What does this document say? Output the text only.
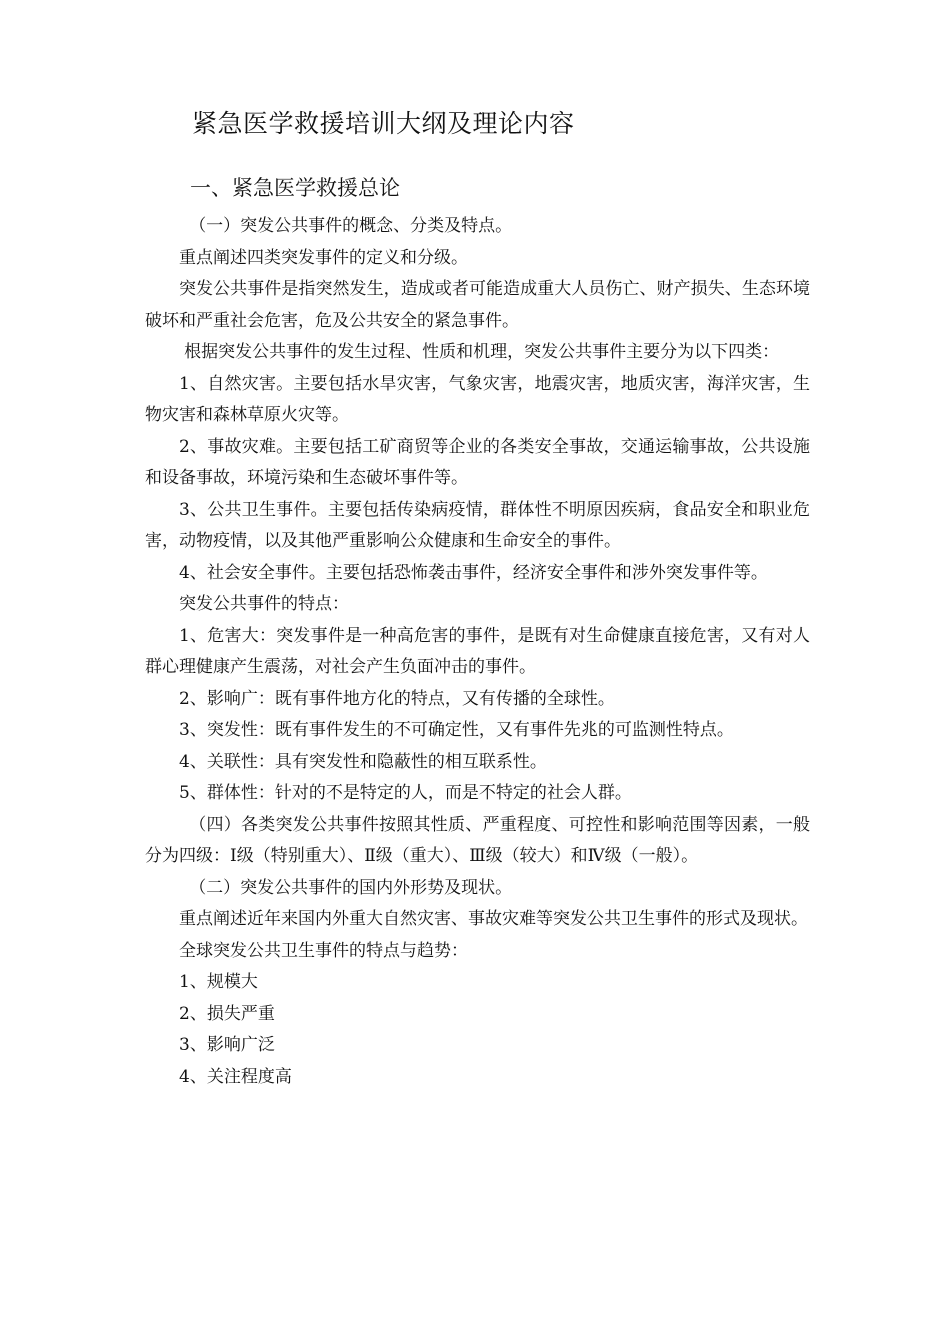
紧急医学救援培训大纲及理论内容
一、紧急医学救援总论

（一）突发公共事件的概念、分类及特点。

重点阐述四类突发事件的定义和分级。

突发公共事件是指突然发生，造成或者可能造成重大人员伤亡、财产损失、生态环境破坏和严重社会危害，危及公共安全的紧急事件。

根据突发公共事件的发生过程、性质和机理，突发公共事件主要分为以下四类：

1、自然灾害。主要包括水旱灾害，气象灾害，地震灾害，地质灾害，海洋灾害，生物灾害和森林草原火灾等。

2、事故灾难。主要包括工矿商贸等企业的各类安全事故，交通运输事故，公共设施和设备事故，环境污染和生态破坏事件等。

3、公共卫生事件。主要包括传染病疫情，群体性不明原因疾病，食品安全和职业危害，动物疫情，以及其他严重影响公众健康和生命安全的事件。

4、社会安全事件。主要包括恐怖袭击事件，经济安全事件和涉外突发事件等。

突发公共事件的特点：

1、危害大：突发事件是一种高危害的事件，是既有对生命健康直接危害，又有对人群心理健康产生震荡，对社会产生负面冲击的事件。

2、影响广：既有事件地方化的特点，又有传播的全球性。

3、突发性：既有事件发生的不可确定性，又有事件先兆的可监测性特点。

4、关联性：具有突发性和隐蔽性的相互联系性。

5、群体性：针对的不是特定的人，而是不特定的社会人群。

（四）各类突发公共事件按照其性质、严重程度、可控性和影响范围等因素，一般分为四级：Ⅰ级（特别重大）、Ⅱ级（重大）、Ⅲ级（较大）和Ⅳ级（一般）。

（二）突发公共事件的国内外形势及现状。

重点阐述近年来国内外重大自然灾害、事故灾难等突发公共卫生事件的形式及现状。

全球突发公共卫生事件的特点与趋势：

1、规模大

2、损失严重

3、影响广泛

4、关注程度高
